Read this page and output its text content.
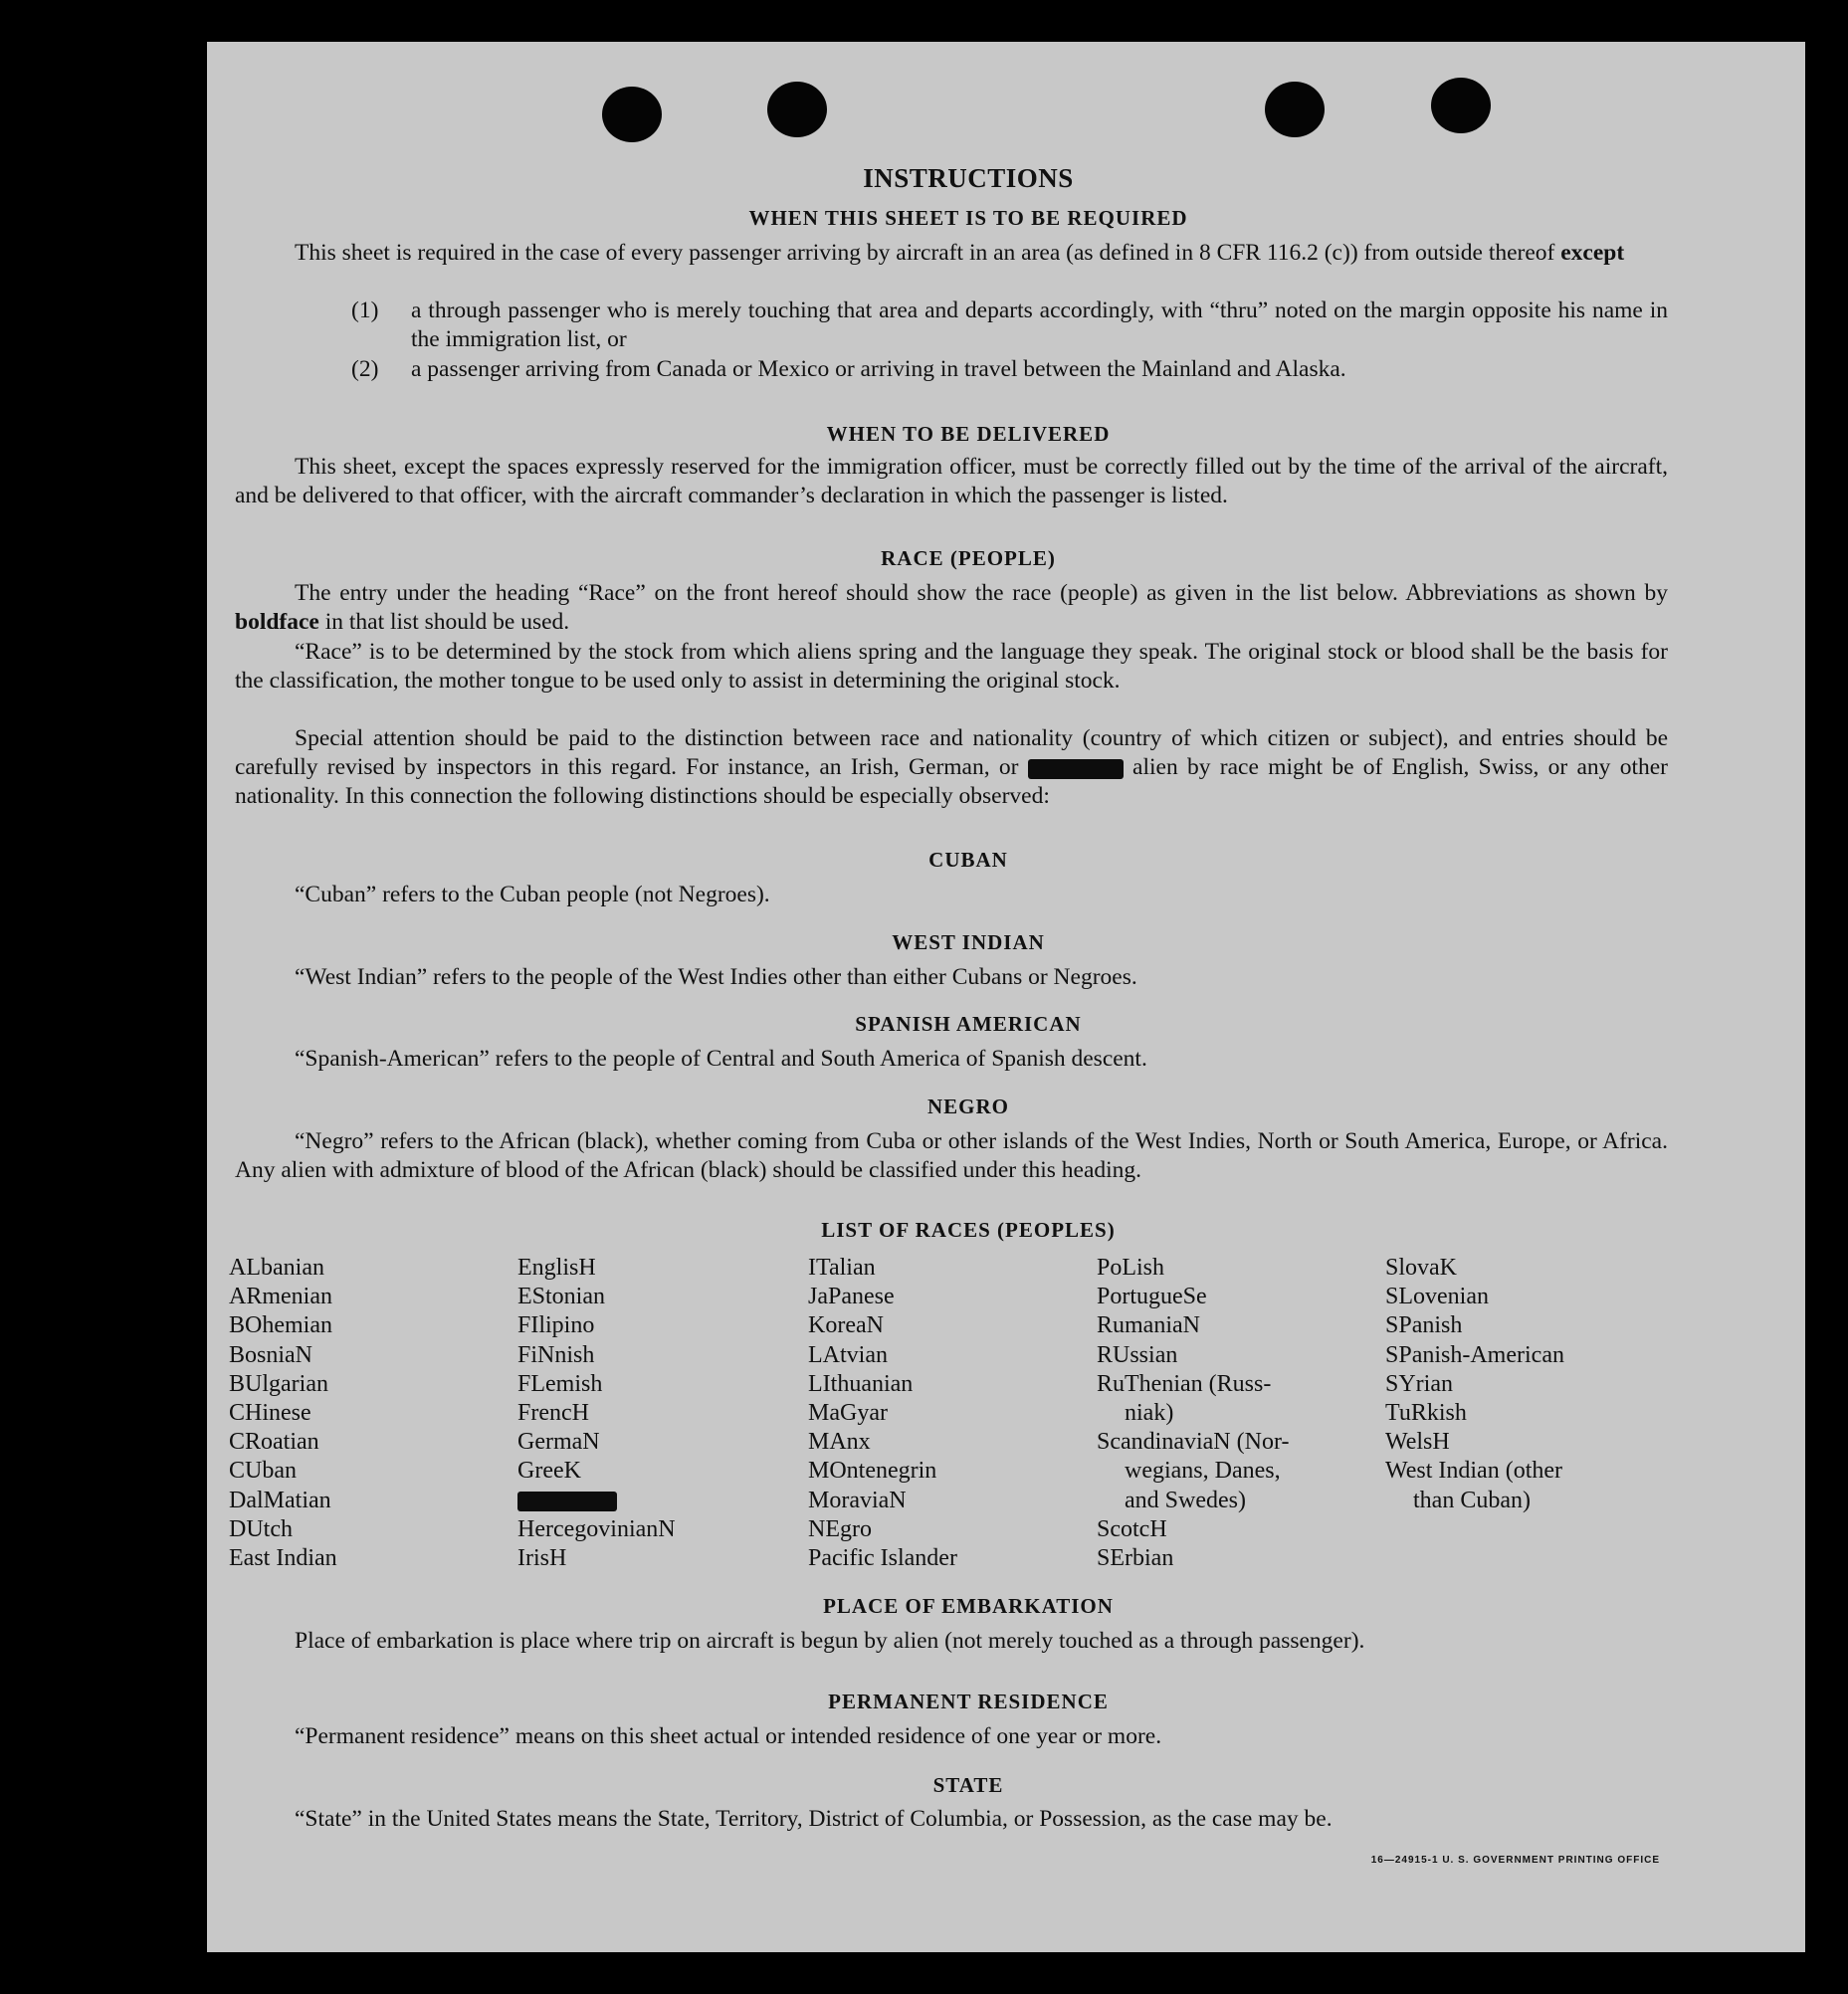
INSTRUCTIONS
WHEN THIS SHEET IS TO BE REQUIRED
This sheet is required in the case of every passenger arriving by aircraft in an area (as defined in 8 CFR 116.2 (c)) from outside thereof except
(1) a through passenger who is merely touching that area and departs accordingly, with “thru” noted on the margin opposite his name in the immigration list, or
(2) a passenger arriving from Canada or Mexico or arriving in travel between the Mainland and Alaska.
WHEN TO BE DELIVERED
This sheet, except the spaces expressly reserved for the immigration officer, must be correctly filled out by the time of the arrival of the aircraft, and be delivered to that officer, with the aircraft commander’s declaration in which the passenger is listed.
RACE (PEOPLE)
The entry under the heading “Race” on the front hereof should show the race (people) as given in the list below. Abbreviations as shown by boldface in that list should be used.
“Race” is to be determined by the stock from which aliens spring and the language they speak. The original stock or blood shall be the basis for the classification, the mother tongue to be used only to assist in determining the original stock.
Special attention should be paid to the distinction between race and nationality (country of which citizen or subject), and entries should be carefully revised by inspectors in this regard. For instance, an Irish, German, or	alien by race might be of English, Swiss, or any other nationality. In this connection the following distinctions should be especially observed:
CUBAN
“Cuban” refers to the Cuban people (not Negroes).
WEST INDIAN
“West Indian” refers to the people of the West Indies other than either Cubans or Negroes.
SPANISH AMERICAN
“Spanish-American” refers to the people of Central and South America of Spanish descent.
NEGRO
“Negro” refers to the African (black), whether coming from Cuba or other islands of the West Indies, North or South America, Europe, or Africa. Any alien with admixture of blood of the African (black) should be classified under this heading.
LIST OF RACES (PEOPLES)
ALbanian
ARmenian
BOhemian
BosniaN
BUlgarian
CHinese
CRoatian
CUban
DalMatian
DUtch
East Indian
EnglisH
EStonian
FIlipino
FiNnish
FLemish
FrencH
GermaN
GreeK
HercegovinianN
IrisH
ITalian
JaPanese
KoreaN
LAtvian
LIthuanian
MaGyar
MAnx
MOntenegrin
MoraviaN
NEgro
Pacific Islander
PoLish
PortugueSe
RumaniaN
RUssian
RuThenian (Russ-
niak)
ScandinaviaN (Nor-
wegians, Danes,
and Swedes)
ScotcH
SErbian
SlovaK
SLovenian
SPanish
SPanish-American
SYrian
TuRkish
WelsH
West Indian (other
than Cuban)
PLACE OF EMBARKATION
Place of embarkation is place where trip on aircraft is begun by alien (not merely touched as a through passenger).
PERMANENT RESIDENCE
“Permanent residence” means on this sheet actual or intended residence of one year or more.
STATE
“State” in the United States means the State, Territory, District of Columbia, or Possession, as the case may be.
16—24915-1 U. S. GOVERNMENT PRINTING OFFICE
